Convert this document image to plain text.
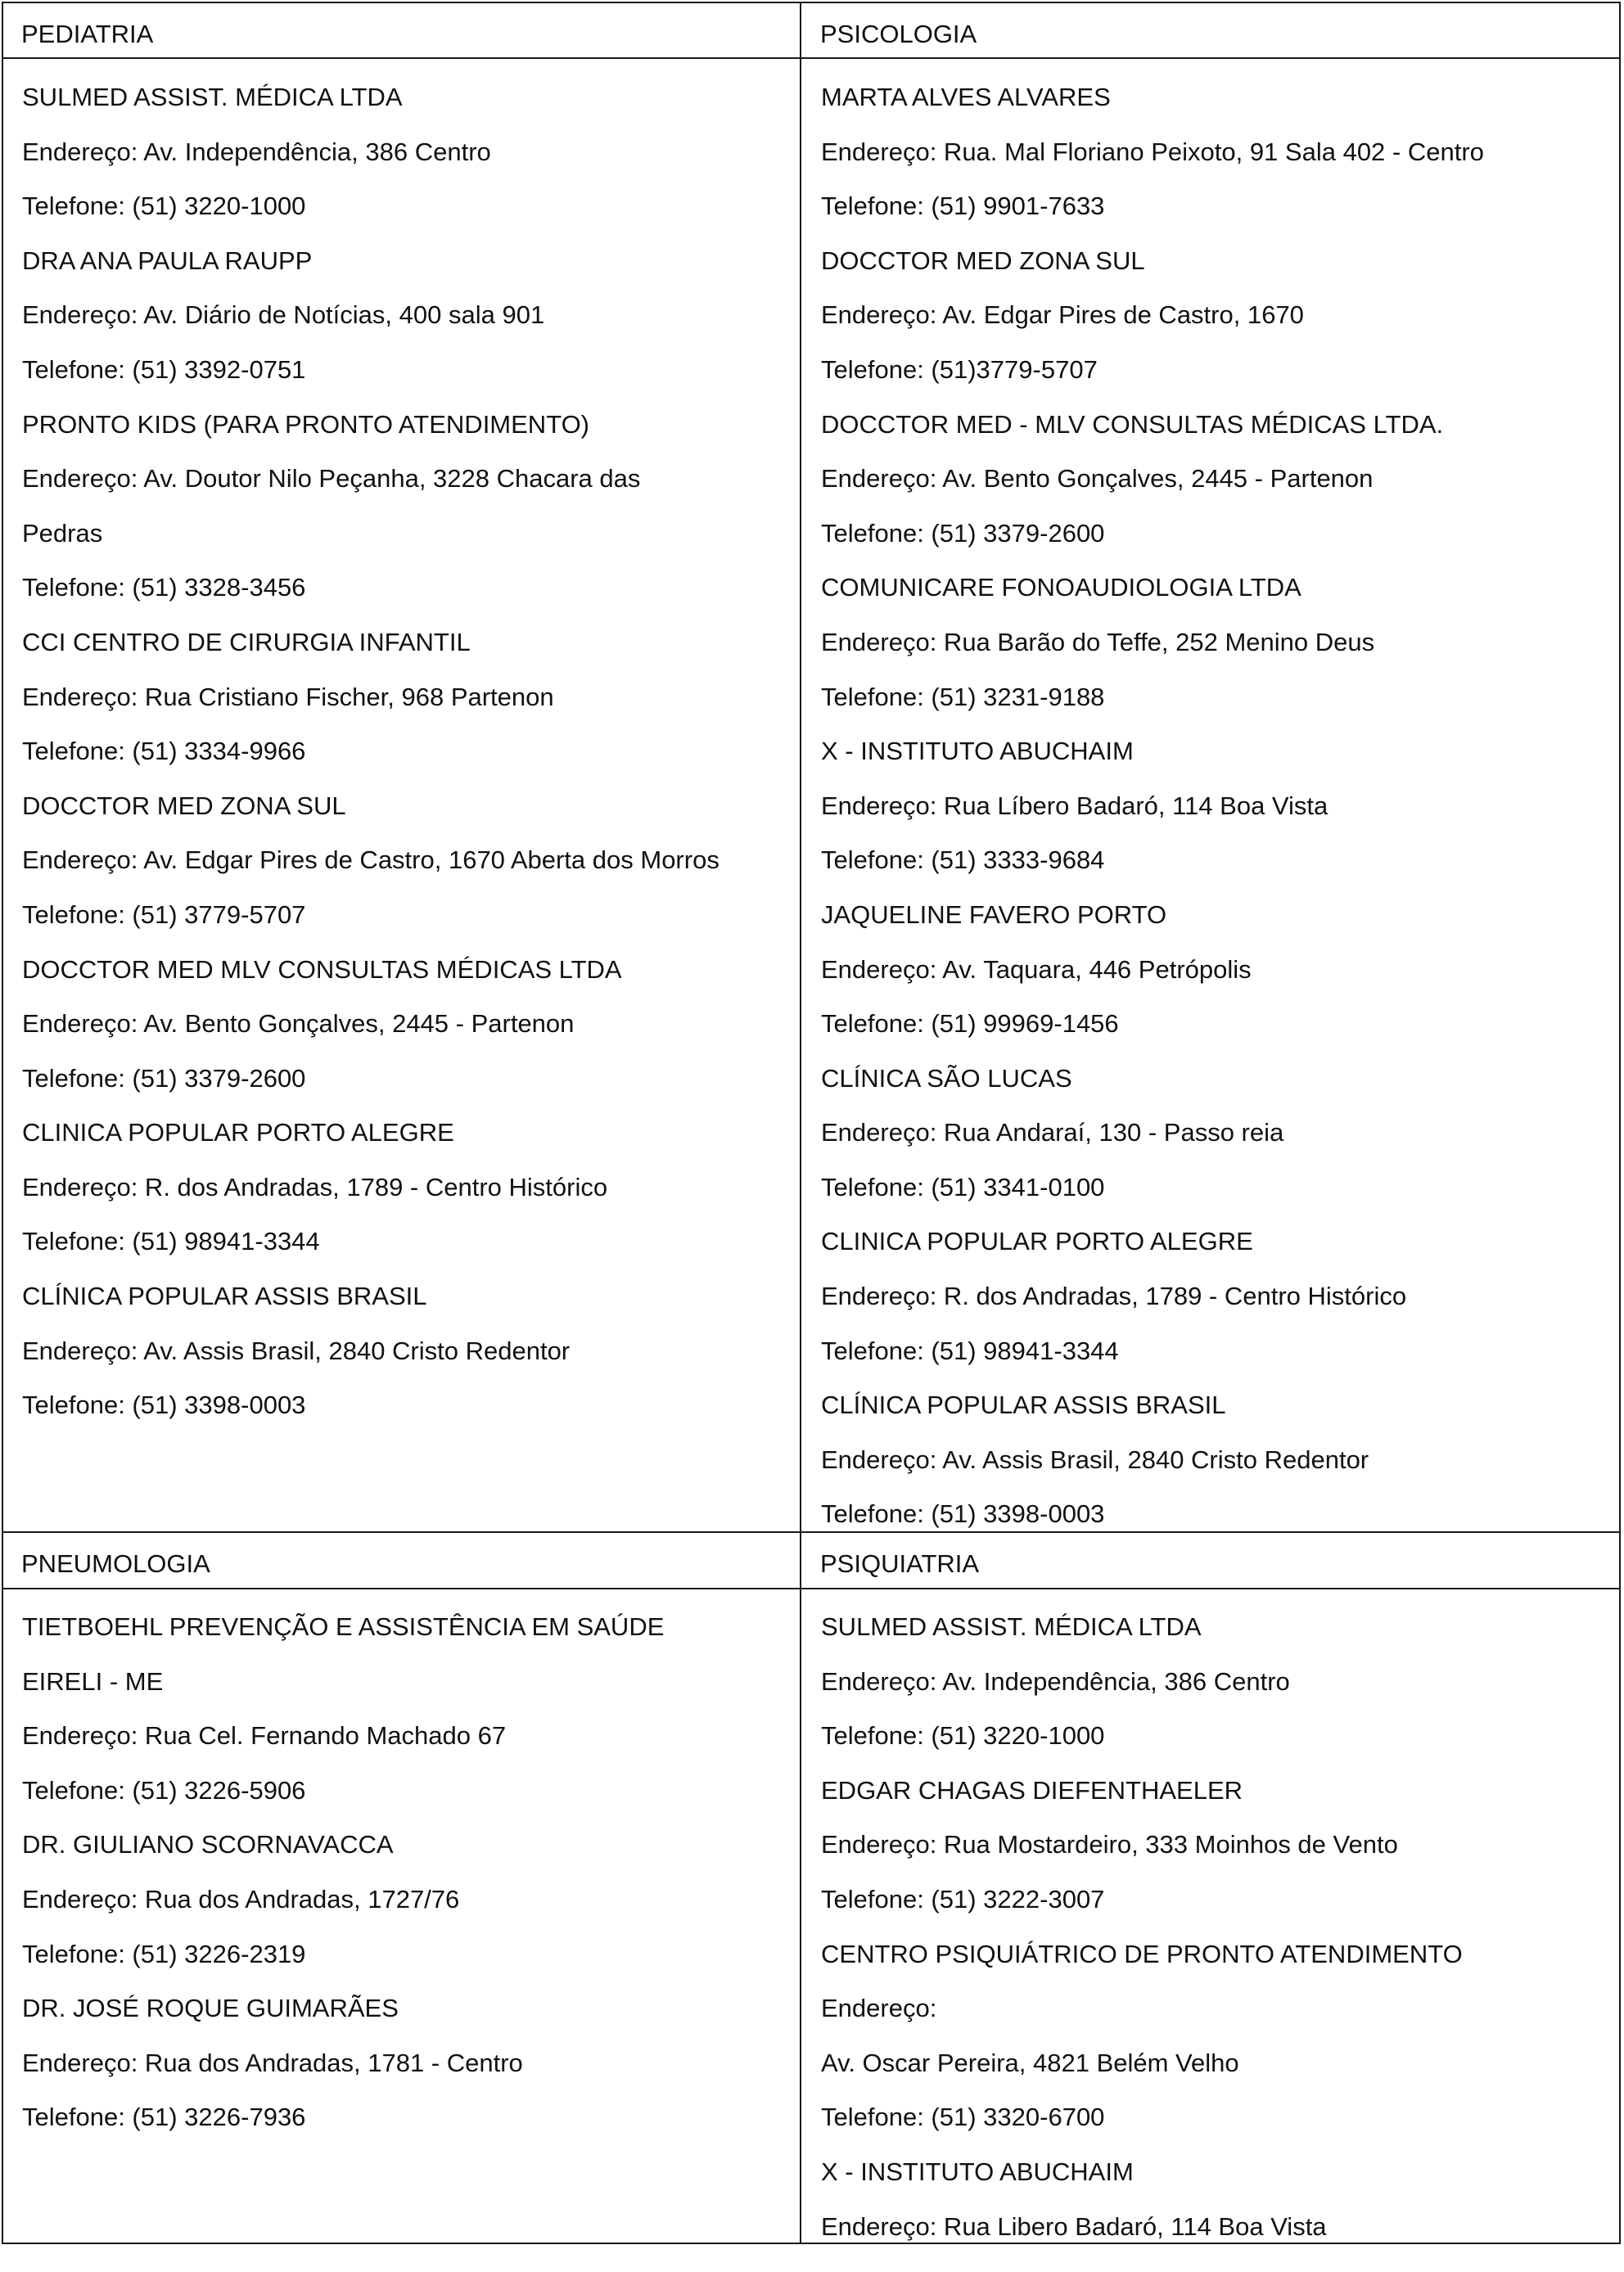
PEDIATRIA
SULMED ASSIST. MÉDICA LTDA
Endereço: Av. Independência, 386 Centro
Telefone: (51) 3220-1000
DRA ANA PAULA RAUPP
Endereço: Av. Diário de Notícias, 400 sala 901
Telefone: (51) 3392-0751
PRONTO KIDS (PARA PRONTO ATENDIMENTO)
Endereço: Av. Doutor Nilo Peçanha, 3228 Chacara das
Pedras
Telefone: (51) 3328-3456
CCI CENTRO DE CIRURGIA INFANTIL
Endereço: Rua Cristiano Fischer, 968 Partenon
Telefone: (51) 3334-9966
DOCCTOR MED ZONA SUL
Endereço: Av. Edgar Pires de Castro, 1670 Aberta dos Morros
Telefone: (51) 3779-5707
DOCCTOR MED MLV CONSULTAS MÉDICAS LTDA
Endereço: Av. Bento Gonçalves, 2445 - Partenon
Telefone: (51) 3379-2600
CLINICA POPULAR PORTO ALEGRE
Endereço: R. dos Andradas, 1789 - Centro Histórico
Telefone: (51) 98941-3344
CLÍNICA POPULAR ASSIS BRASIL
Endereço: Av. Assis Brasil, 2840 Cristo Redentor
Telefone: (51) 3398-0003
PSICOLOGIA
MARTA ALVES ALVARES
Endereço: Rua. Mal Floriano Peixoto, 91 Sala 402 - Centro
Telefone: (51) 9901-7633
DOCCTOR MED ZONA SUL
Endereço: Av. Edgar Pires de Castro, 1670
Telefone: (51)3779-5707
DOCCTOR MED - MLV CONSULTAS MÉDICAS LTDA.
Endereço: Av. Bento Gonçalves, 2445 - Partenon
Telefone: (51) 3379-2600
COMUNICARE FONOAUDIOLOGIA LTDA
Endereço: Rua Barão do Teffe, 252 Menino Deus
Telefone: (51) 3231-9188
X - INSTITUTO ABUCHAIM
Endereço: Rua Líbero Badaró, 114 Boa Vista
Telefone: (51) 3333-9684
JAQUELINE FAVERO PORTO
Endereço: Av. Taquara, 446 Petrópolis
Telefone: (51) 99969-1456
CLÍNICA SÃO LUCAS
Endereço: Rua Andaraí, 130 - Passo reia
Telefone: (51) 3341-0100
CLINICA POPULAR PORTO ALEGRE
Endereço: R. dos Andradas, 1789 - Centro Histórico
Telefone: (51) 98941-3344
CLÍNICA POPULAR ASSIS BRASIL
Endereço: Av. Assis Brasil, 2840 Cristo Redentor
Telefone: (51) 3398-0003
PNEUMOLOGIA
TIETBOEHL PREVENÇÃO E ASSISTÊNCIA EM SAÚDE
EIRELI - ME
Endereço: Rua Cel. Fernando Machado 67
Telefone: (51) 3226-5906
DR. GIULIANO SCORNAVACCA
Endereço: Rua dos Andradas, 1727/76
Telefone: (51) 3226-2319
DR. JOSÉ ROQUE GUIMARÃES
Endereço: Rua dos Andradas, 1781 - Centro
Telefone: (51) 3226-7936
PSIQUIATRIA
SULMED ASSIST. MÉDICA LTDA
Endereço: Av. Independência, 386 Centro
Telefone: (51) 3220-1000
EDGAR CHAGAS DIEFENTHAELER
Endereço: Rua Mostardeiro, 333 Moinhos de Vento
Telefone: (51) 3222-3007
CENTRO PSIQUIÁTRICO DE PRONTO ATENDIMENTO
Endereço:
Av. Oscar Pereira, 4821 Belém Velho
Telefone: (51) 3320-6700
X - INSTITUTO ABUCHAIM
Endereço: Rua Libero Badaró, 114 Boa Vista
